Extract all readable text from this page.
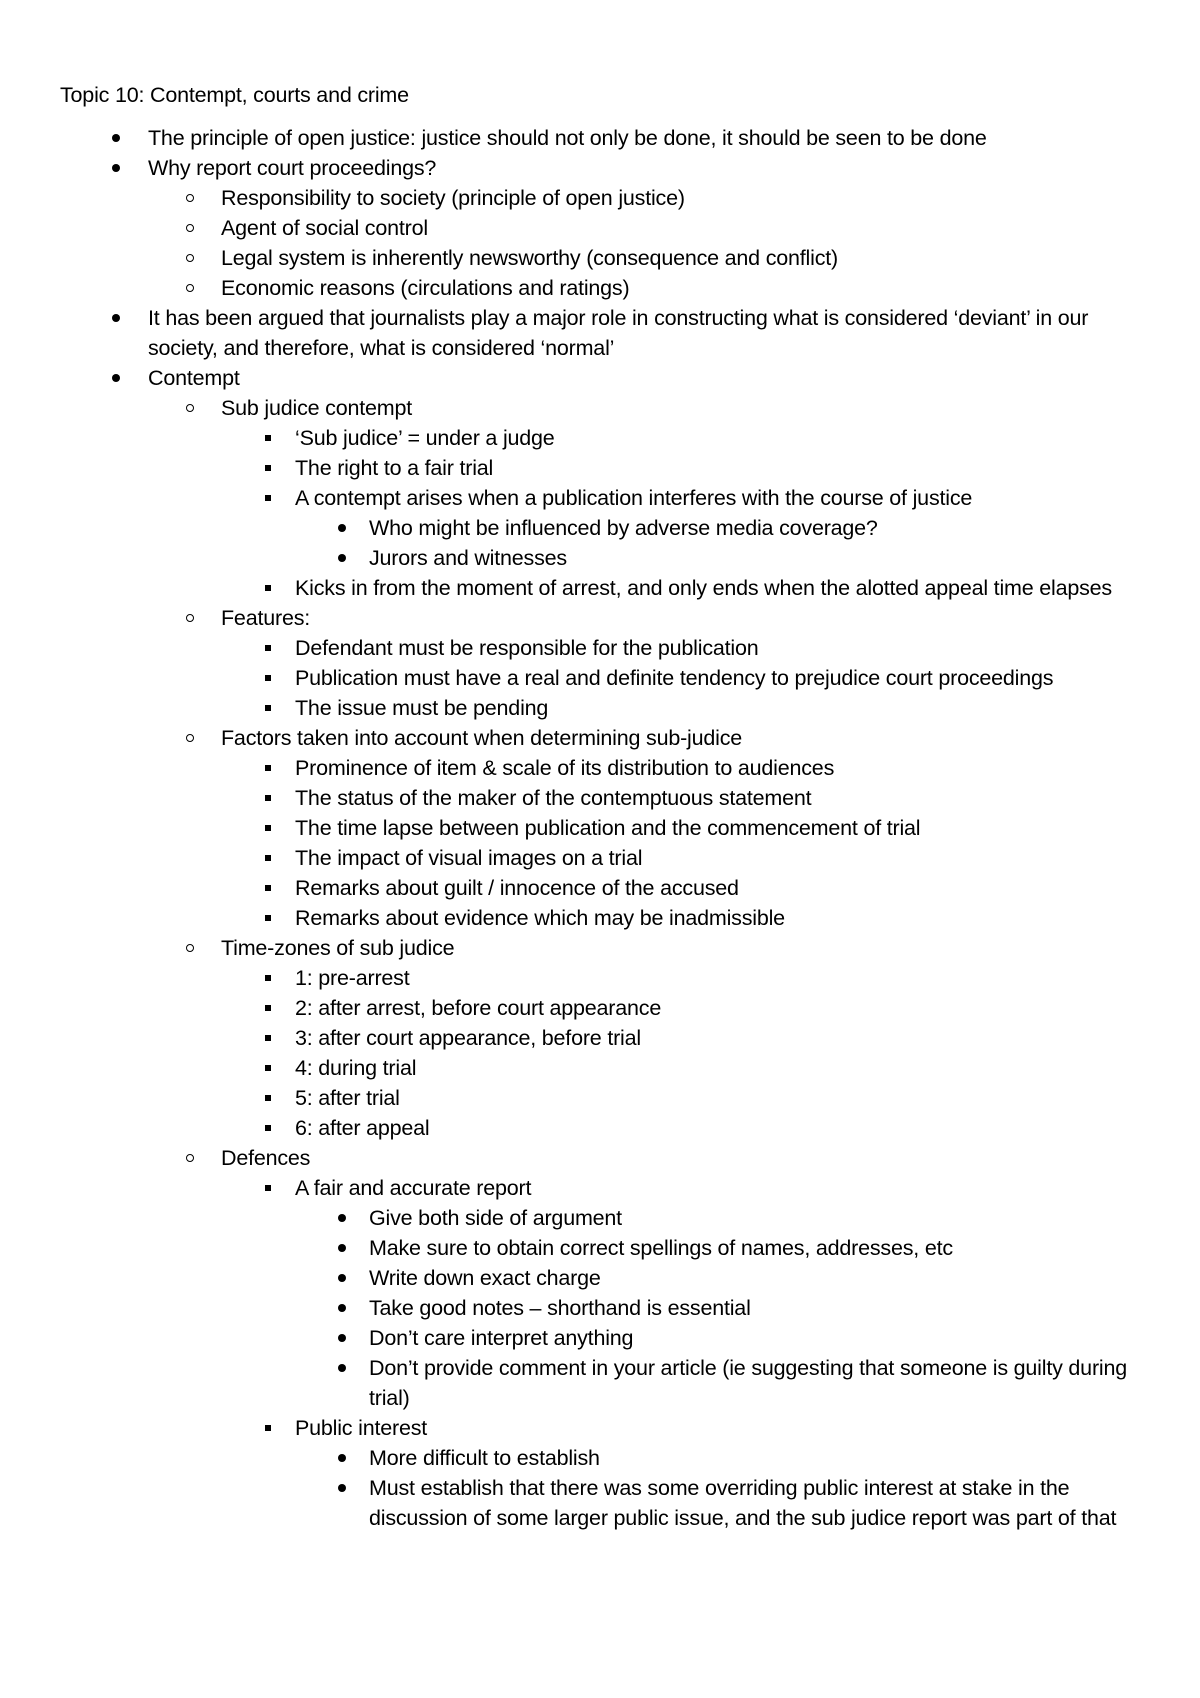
Topic 10: Contempt, courts and crime
The principle of open justice: justice should not only be done, it should be seen to be done
Why report court proceedings?
Responsibility to society (principle of open justice)
Agent of social control
Legal system is inherently newsworthy (consequence and conflict)
Economic reasons (circulations and ratings)
It has been argued that journalists play a major role in constructing what is considered ‘deviant’ in our society, and therefore, what is considered ‘normal’
Contempt
Sub judice contempt
‘Sub judice’ = under a judge
The right to a fair trial
A contempt arises when a publication interferes with the course of justice
Who might be influenced by adverse media coverage?
Jurors and witnesses
Kicks in from the moment of arrest, and only ends when the alotted appeal time elapses
Features:
Defendant must be responsible for the publication
Publication must have a real and definite tendency to prejudice court proceedings
The issue must be pending
Factors taken into account when determining sub-judice
Prominence of item & scale of its distribution to audiences
The status of the maker of the contemptuous statement
The time lapse between publication and the commencement of trial
The impact of visual images on a trial
Remarks about guilt / innocence of the accused
Remarks about evidence which may be inadmissible
Time-zones of sub judice
1: pre-arrest
2: after arrest, before court appearance
3: after court appearance, before trial
4: during trial
5: after trial
6: after appeal
Defences
A fair and accurate report
Give both side of argument
Make sure to obtain correct spellings of names, addresses, etc
Write down exact charge
Take good notes – shorthand is essential
Don’t care interpret anything
Don’t provide comment in your article (ie suggesting that someone is guilty during trial)
Public interest
More difficult to establish
Must establish that there was some overriding public interest at stake in the discussion of some larger public issue, and the sub judice report was part of that
